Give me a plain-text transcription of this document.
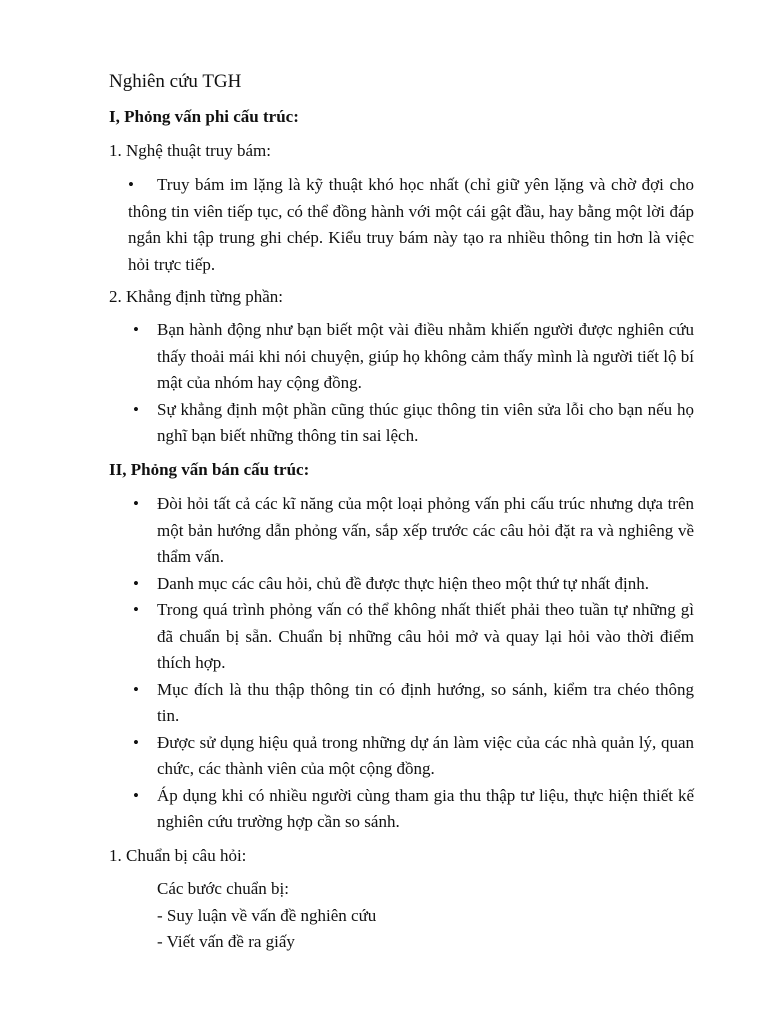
Nghiên cứu TGH
I, Phỏng vấn phi cấu trúc:

1. Nghệ thuật truy bám:

• Truy bám im lặng là kỹ thuật khó học nhất (chỉ giữ yên lặng và chờ đợi cho thông tin viên tiếp tục, có thể đồng hành với một cái gật đầu, hay bằng một lời đáp ngắn khi tập trung ghi chép. Kiểu truy bám này tạo ra nhiều thông tin hơn là việc hỏi trực tiếp.

2. Khẳng định từng phần:

• Bạn hành động như bạn biết một vài điều nhằm khiến người được nghiên cứu thấy thoải mái khi nói chuyện, giúp họ không cảm thấy mình là người tiết lộ bí mật của nhóm hay cộng đồng.
• Sự khẳng định một phần cũng thúc giục thông tin viên sửa lỗi cho bạn nếu họ nghĩ bạn biết những thông tin sai lệch.
II, Phỏng vấn bán cấu trúc:
• Đòi hỏi tất cả các kĩ năng của một loại phỏng vấn phi cấu trúc nhưng dựa trên một bản hướng dẫn phỏng vấn, sắp xếp trước các câu hỏi đặt ra và nghiêng về thẩm vấn.
• Danh mục các câu hỏi, chủ đề được thực hiện theo một thứ tự nhất định.
• Trong quá trình phỏng vấn có thể không nhất thiết phải theo tuần tự những gì đã chuẩn bị sẵn. Chuẩn bị những câu hỏi mở và quay lại hỏi vào thời điểm thích hợp.
• Mục đích là thu thập thông tin có định hướng, so sánh, kiểm tra chéo thông tin.
• Được sử dụng hiệu quả trong những dự án làm việc của các nhà quản lý, quan chức, các thành viên của một cộng đồng.
• Áp dụng khi có nhiều người cùng tham gia thu thập tư liệu, thực hiện thiết kế nghiên cứu trường hợp cần so sánh.

1. Chuẩn bị câu hỏi:

Các bước chuẩn bị:
- Suy luận về vấn đề nghiên cứu
- Viết vấn đề ra giấy
